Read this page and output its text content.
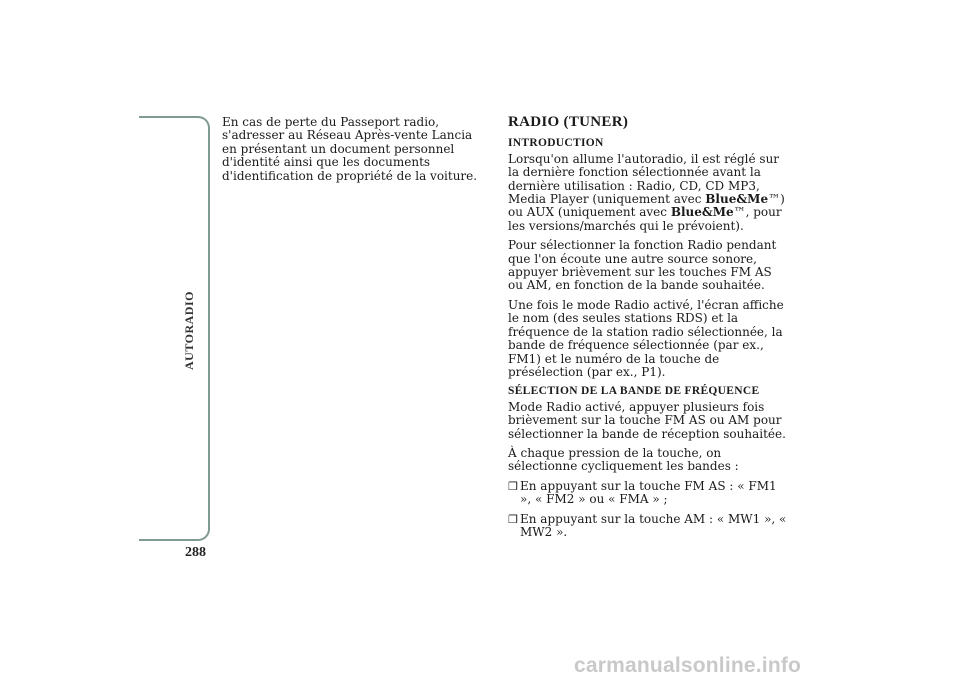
AUTORADIO
288

En cas de perte du Passeport radio, s'adresser au Réseau Après-vente Lancia en présentant un document personnel d'identité ainsi que les documents d'identification de propriété de la voiture.

RADIO (TUNER)
INTRODUCTION

Lorsqu'on allume l'autoradio, il est réglé sur la dernière fonction sélectionnée avant la dernière utilisation : Radio, CD, CD MP3, Media Player (uniquement avec Blue&Me™) ou AUX (uniquement avec Blue&Me™, pour les versions/marchés qui le prévoient).

Pour sélectionner la fonction Radio pendant que l'on écoute une autre source sonore, appuyer brièvement sur les touches FM AS ou AM, en fonction de la bande souhaitée.

Une fois le mode Radio activé, l'écran affiche le nom (des seules stations RDS) et la fréquence de la station radio sélectionnée, la bande de fréquence sélectionnée (par ex., FM1) et le numéro de la touche de présélection (par ex., P1).

SÉLECTION DE LA BANDE DE FRÉQUENCE

Mode Radio activé, appuyer plusieurs fois brièvement sur la touche FM AS ou AM pour sélectionner la bande de réception souhaitée.

À chaque pression de la touche, on sélectionne cycliquement les bandes :

❒ En appuyant sur la touche FM AS : « FM1 », « FM2 » ou « FMA » ;
❒ En appuyant sur la touche AM : « MW1 », « MW2 ».
carmanualsonline.info
